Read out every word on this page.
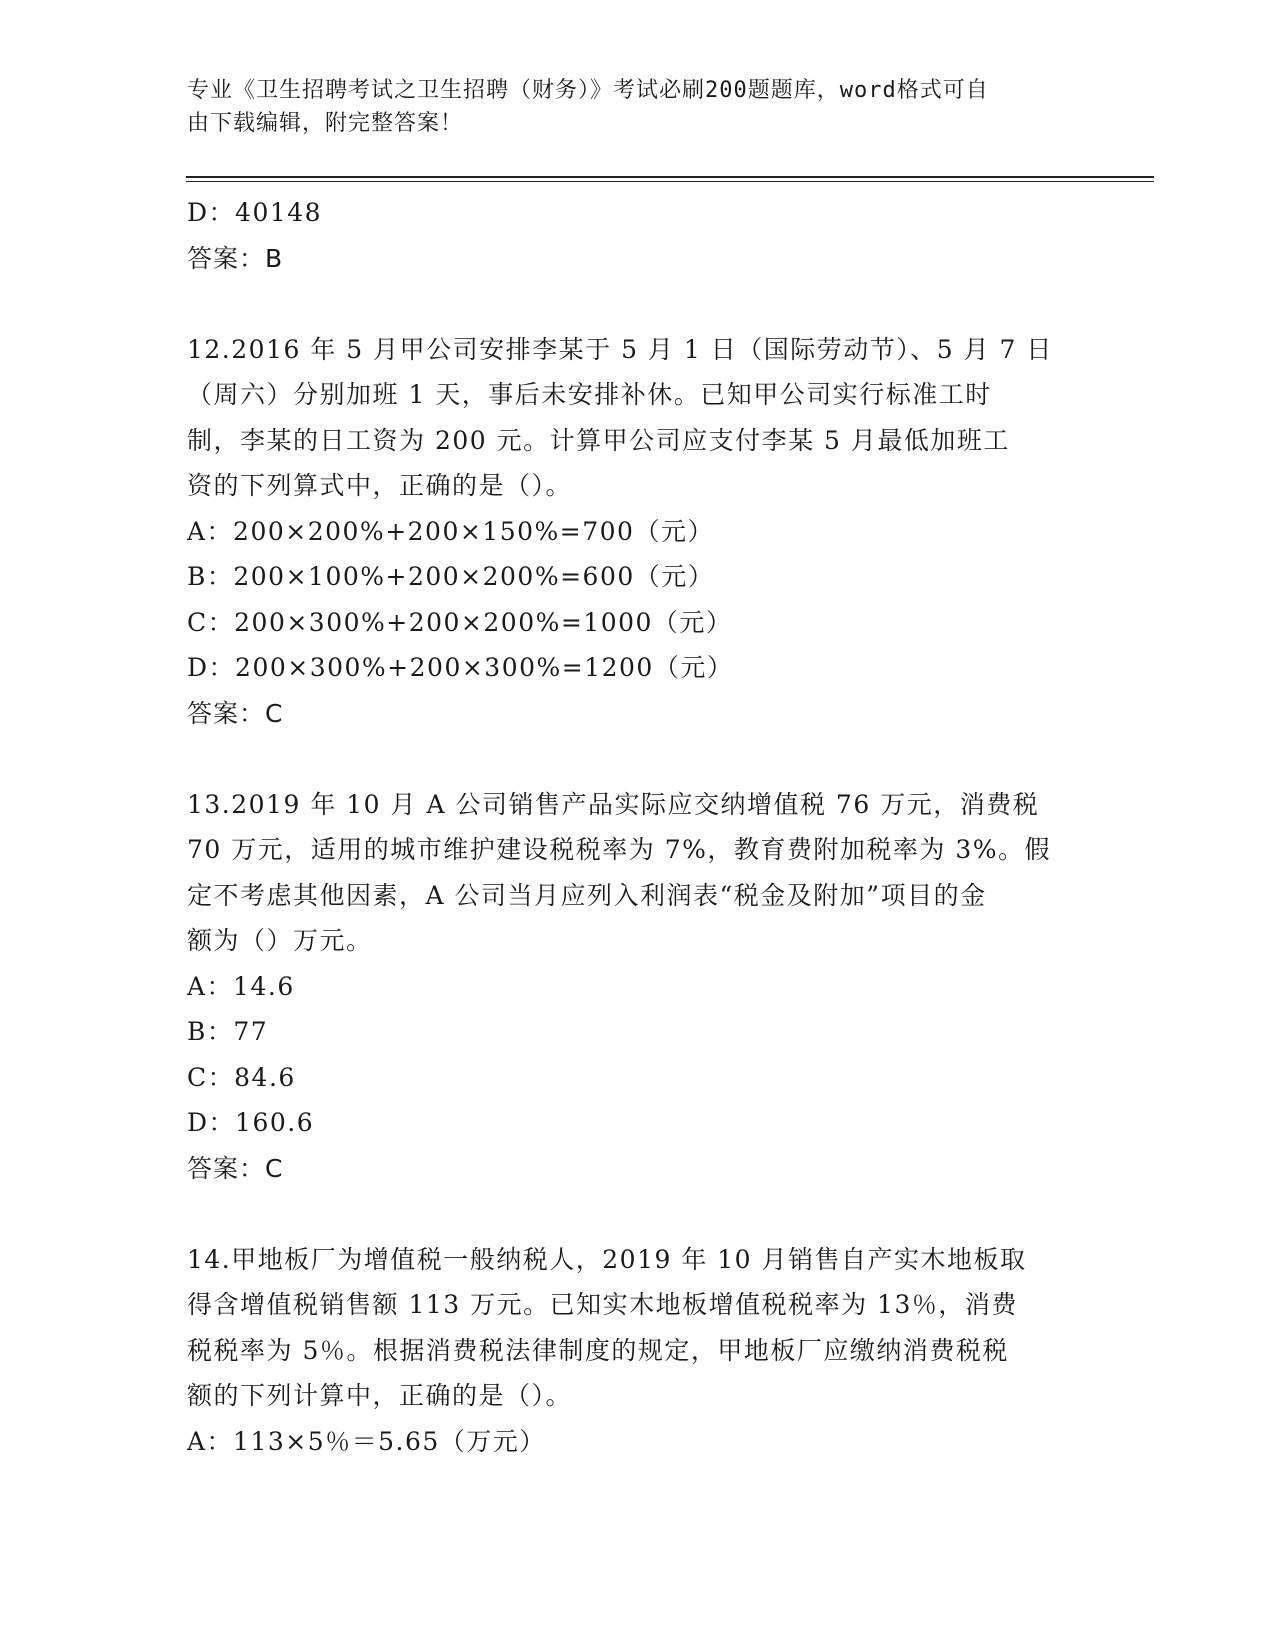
专业《卫生招聘考试之卫生招聘（财务）》考试必刷200题题库，word格式可自
由下载编辑，附完整答案！
D：40148
答案：B
12.2016 年 5 月甲公司安排李某于 5 月 1 日（国际劳动节）、5 月 7 日
（周六）分别加班 1 天，事后未安排补休。已知甲公司实行标准工时
制，李某的日工资为 200 元。计算甲公司应支付李某 5 月最低加班工
资的下列算式中，正确的是（）。
A：200×200%+200×150%=700（元）
B：200×100%+200×200%=600（元）
C：200×300%+200×200%=1000（元）
D：200×300%+200×300%=1200（元）
答案：C
13.2019 年 10 月 A 公司销售产品实际应交纳增值税 76 万元，消费税
70 万元，适用的城市维护建设税税率为 7%，教育费附加税率为 3%。假
定不考虑其他因素，A 公司当月应列入利润表“税金及附加”项目的金
额为（）万元。
A：14.6
B：77
C：84.6
D：160.6
答案：C
14.甲地板厂为增值税一般纳税人，2019 年 10 月销售自产实木地板取
得含增值税销售额 113 万元。已知实木地板增值税税率为 13％，消费
税税率为 5％。根据消费税法律制度的规定，甲地板厂应缴纳消费税税
额的下列计算中，正确的是（）。
A：113×5％＝5.65（万元）
